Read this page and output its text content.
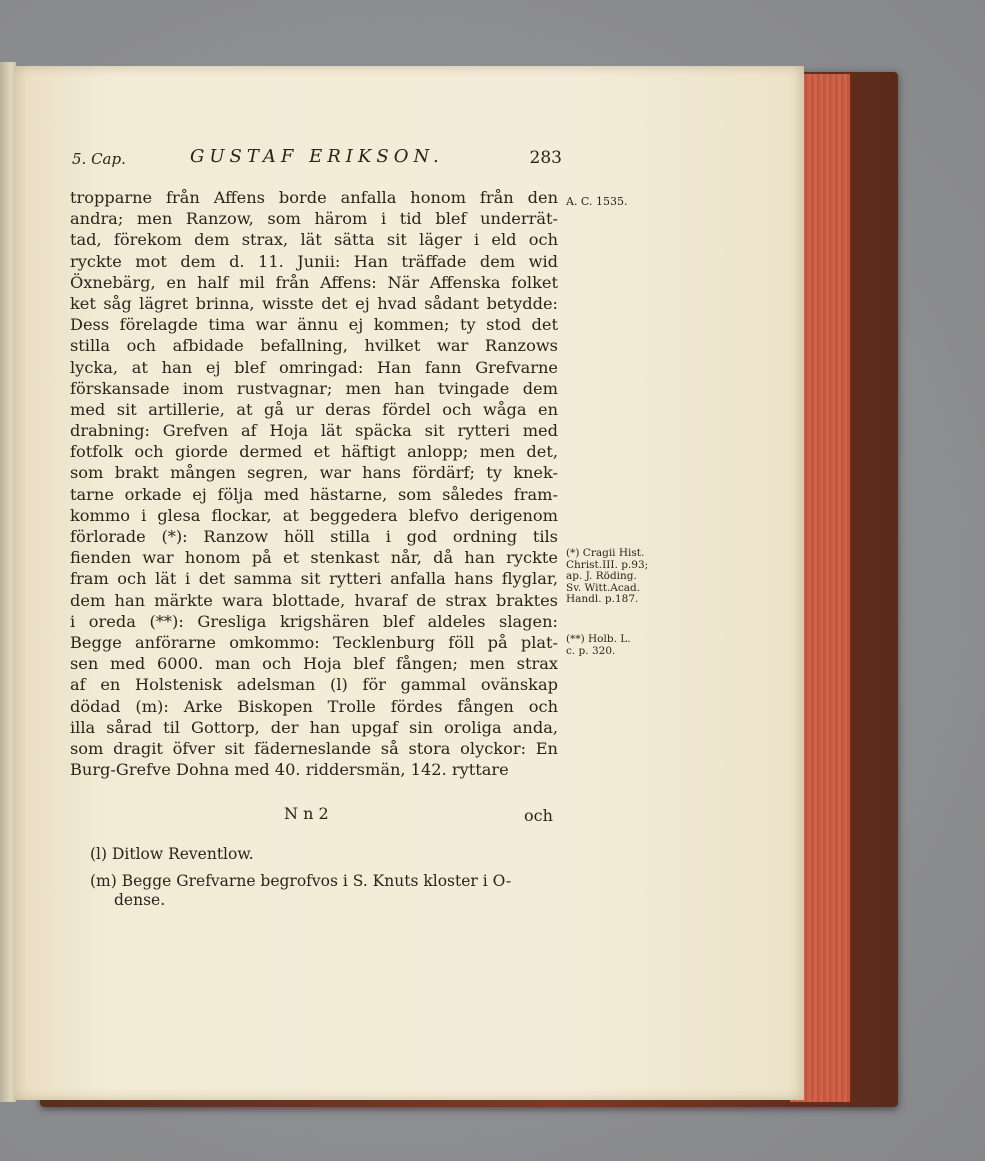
5. Cap.	GUSTAF ERIKSON.	283
tropparne från Affens borde anfalla honom från den
andra; men Ranzow, som härom i tid blef underrät-
tad, förekom dem strax, lät sätta sit läger i eld och
ryckte mot dem d. 11. Junii: Han träffade dem wid
Öxnebärg, en half mil från Affens: När Affenska folket
ket såg lägret brinna, wisste det ej hvad sådant betydde:
Dess förelagde tima war ännu ej kommen; ty stod det
stilla och afbidade befallning, hvilket war Ranzows
lycka, at han ej blef omringad: Han fann Grefvarne
förskansade inom rustvagnar; men han tvingade dem
med sit artillerie, at gå ur deras fördel och wåga en
drabning: Grefven af Hoja lät späcka sit rytteri med
fotfolk och giorde dermed et häftigt anlopp; men det,
som brakt mången segren, war hans fördärf; ty knek-
tarne orkade ej följa med hästarne, som således fram-
kommo i glesa flockar, at beggedera blefvo derigenom
förlorade (*): Ranzow höll stilla i god ordning tils
fienden war honom på et stenkast når, då han ryckte
fram och lät i det samma sit rytteri anfalla hans flyglar,
dem han märkte wara blottade, hvaraf de strax braktes
i oreda (**): Gresliga krigshären blef aldeles slagen:
Begge anförarne omkommo: Tecklenburg föll på plat-
sen med 6000. man och Hoja blef fången; men strax
af en Holstenisk adelsman (l) för gammal ovänskap
dödad (m): Arke Biskopen Trolle fördes fången och
illa sårad til Gottorp, der han upgaf sin oroliga anda,
som dragit öfver sit fäderneslande så stora olyckor: En
Burg-Grefve Dohna med 40. riddersmän, 142. ryttare
N n 2	och
(l) Ditlow Reventlow.
(m) Begge Grefvarne begrofvos i S. Knuts kloster i O-
dense.
A. C. 1535.
(*) Cragii Hist.
Christ.III. p.93;
ap. J. Röding.
Sv. Witt.Acad.
Handl. p.187.
(**) Holb. L.
c. p. 320.
